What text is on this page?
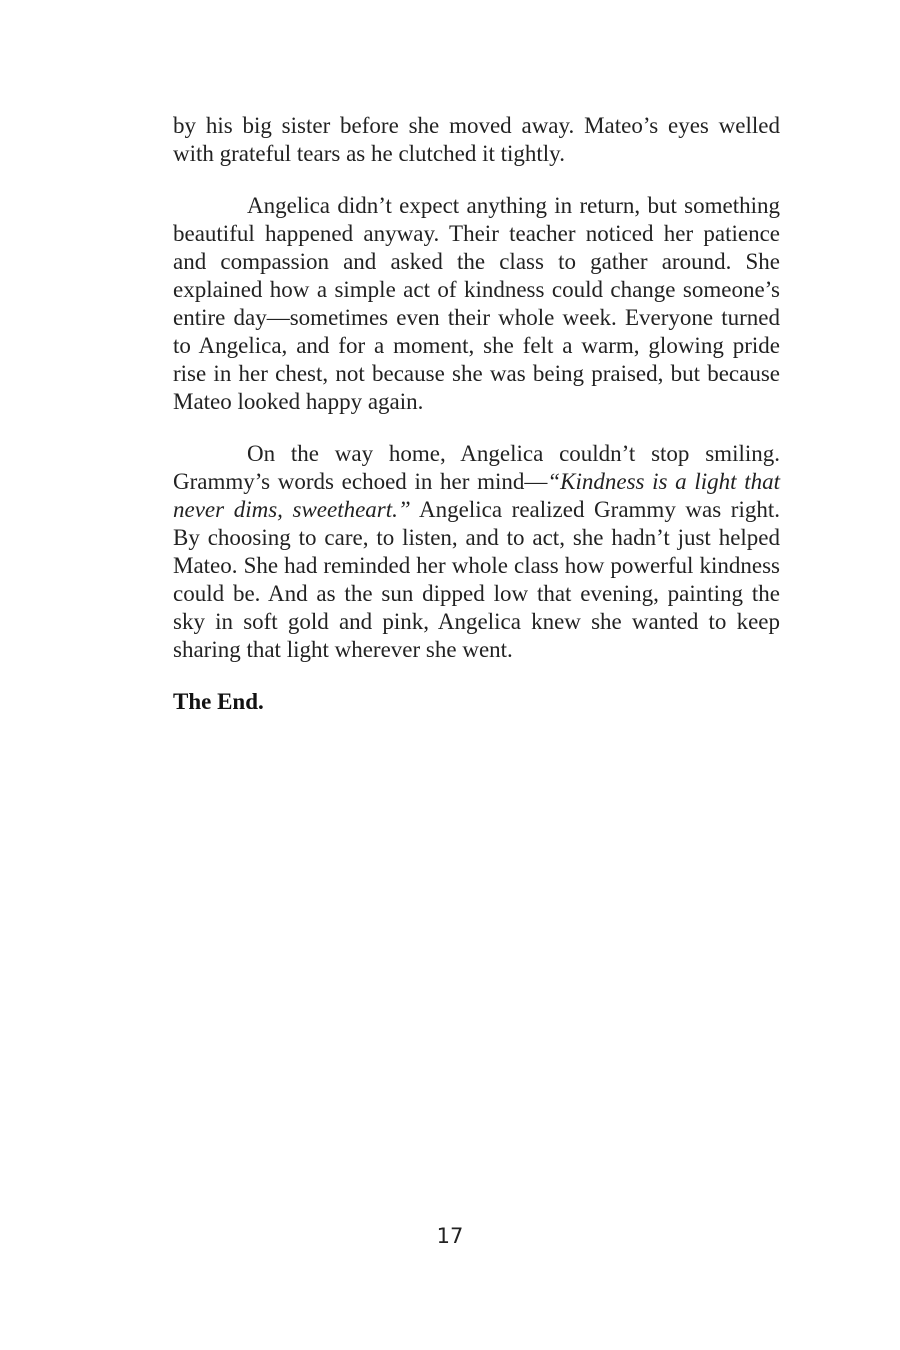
by his big sister before she moved away. Mateo’s eyes welled with grateful tears as he clutched it tightly.

Angelica didn’t expect anything in return, but something beautiful happened anyway. Their teacher noticed her patience and compassion and asked the class to gather around. She explained how a simple act of kindness could change someone’s entire day—sometimes even their whole week. Everyone turned to Angelica, and for a moment, she felt a warm, glowing pride rise in her chest, not because she was being praised, but because Mateo looked happy again.

On the way home, Angelica couldn’t stop smiling. Grammy’s words echoed in her mind—“Kindness is a light that never dims, sweetheart.” Angelica realized Grammy was right. By choosing to care, to listen, and to act, she hadn’t just helped Mateo. She had reminded her whole class how powerful kindness could be. And as the sun dipped low that evening, painting the sky in soft gold and pink, Angelica knew she wanted to keep sharing that light wherever she went.

The End.

17
